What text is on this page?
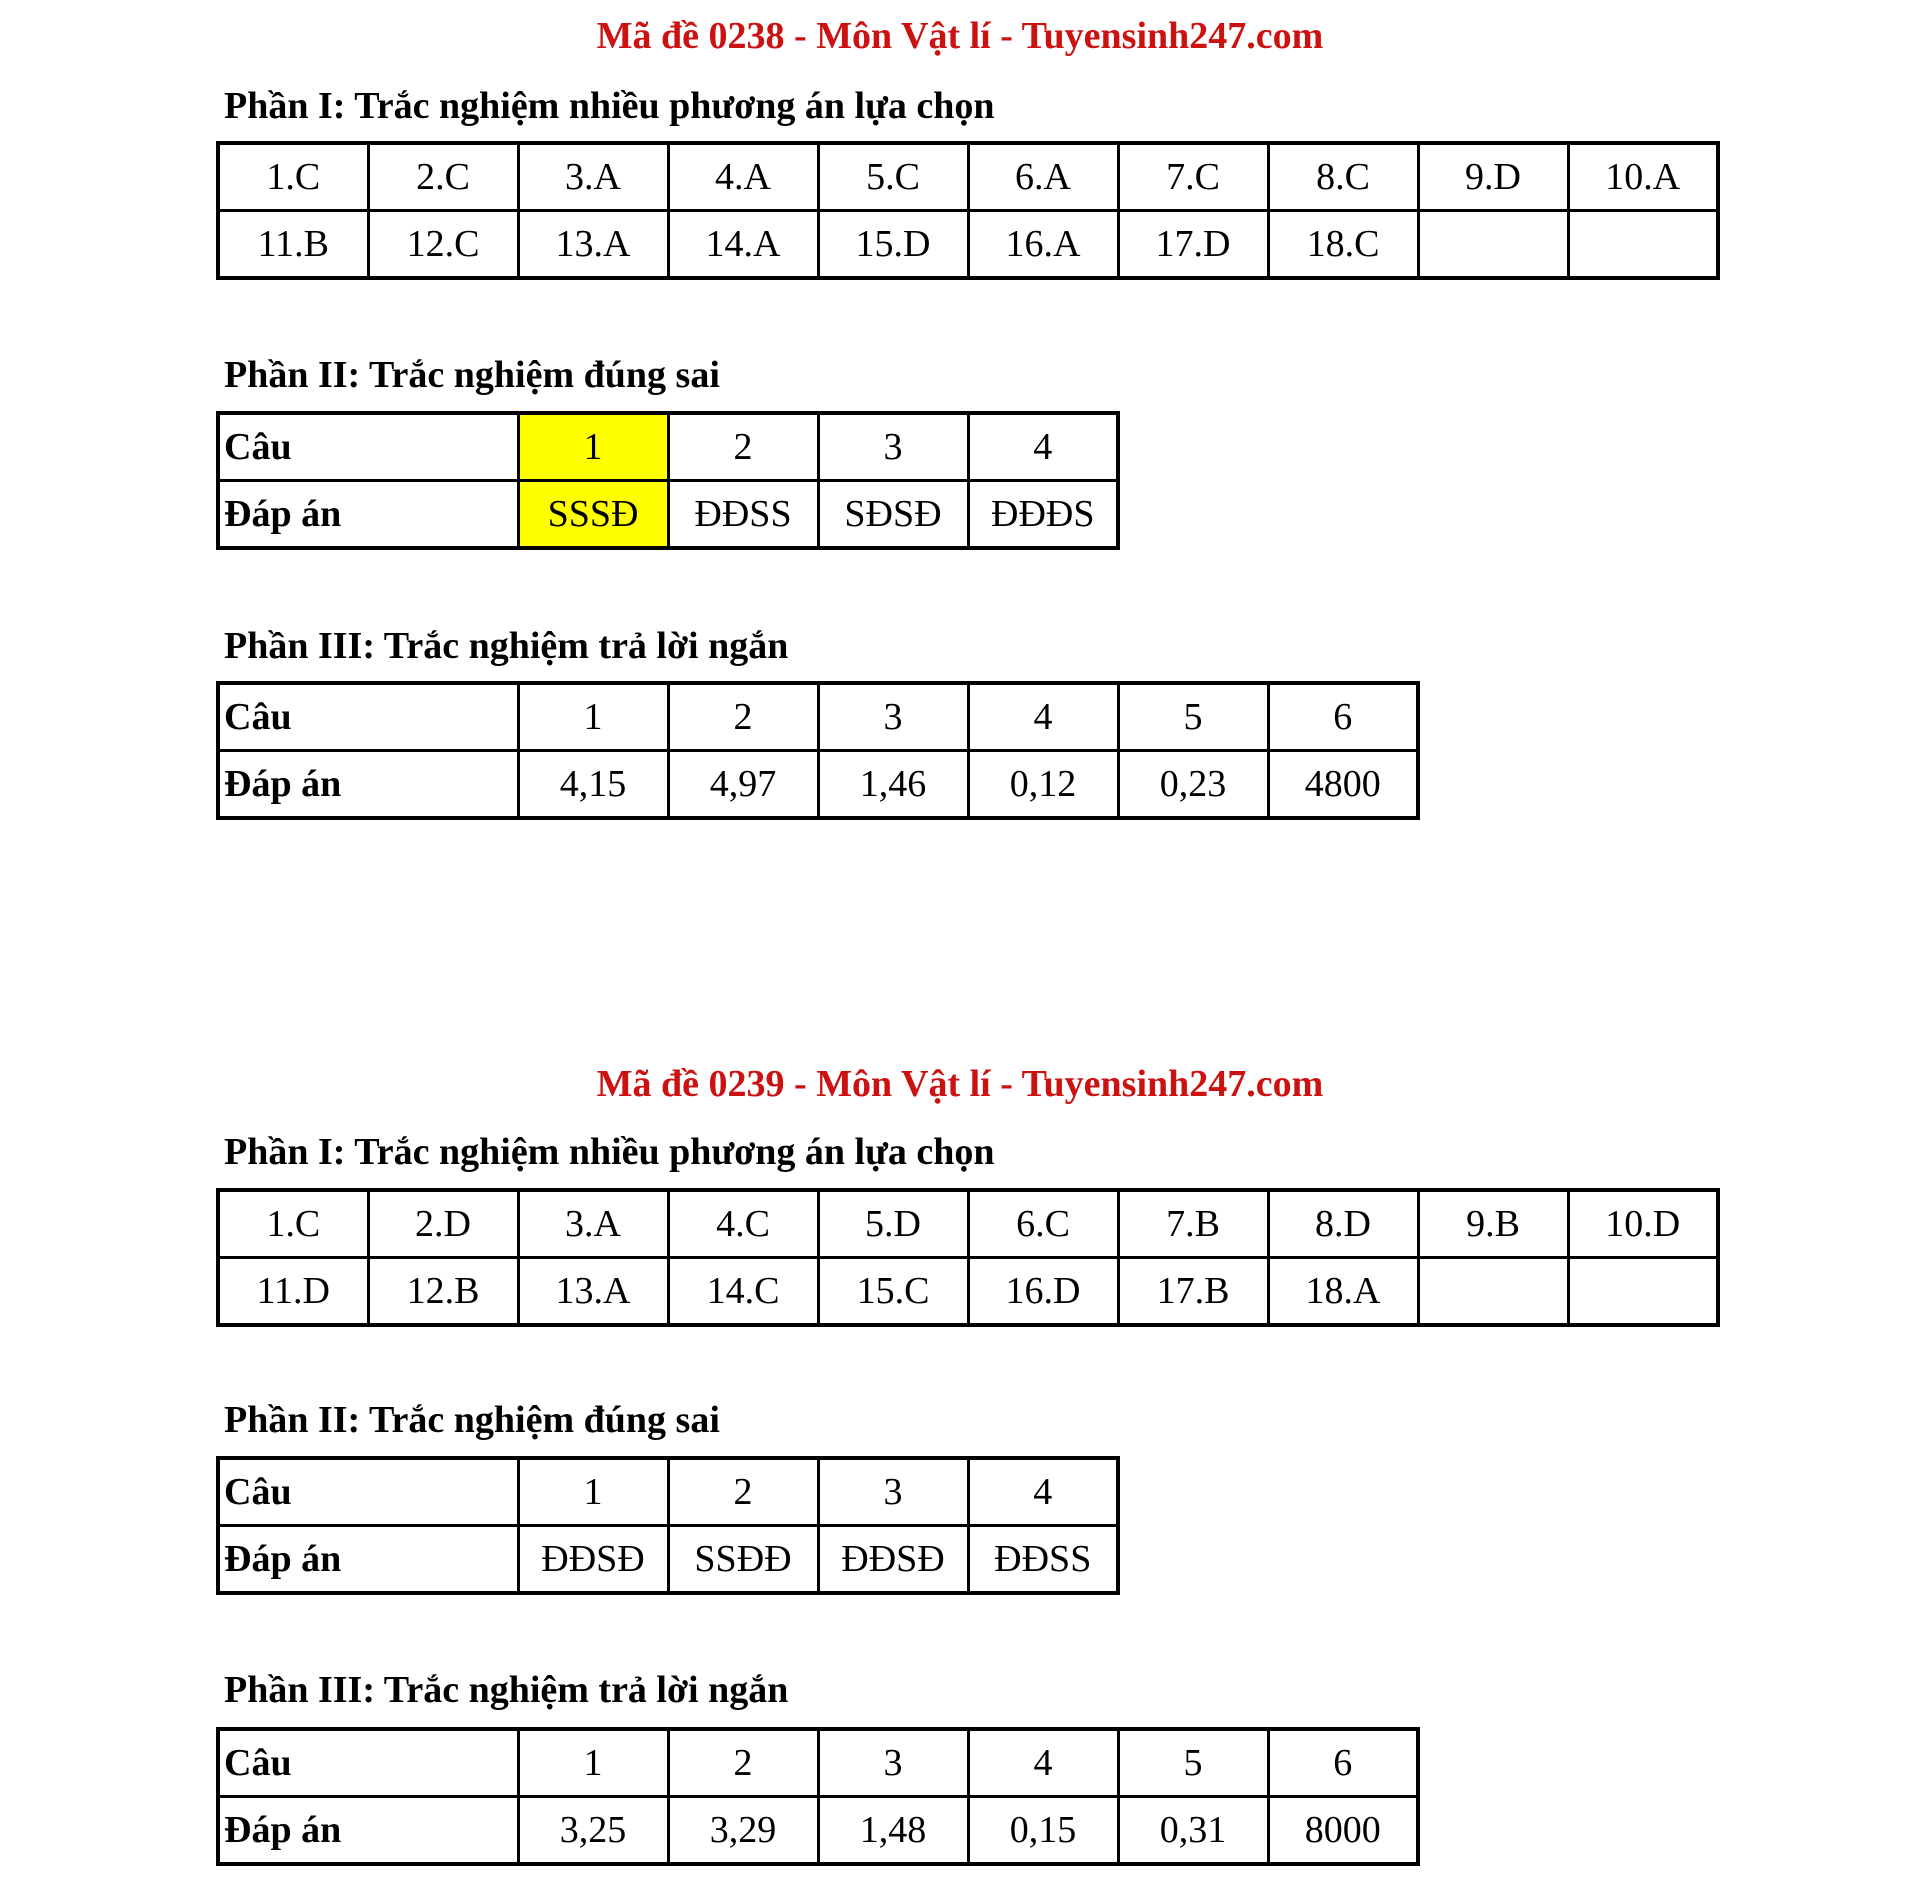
Mã đề 0238 - Môn Vật lí - Tuyensinh247.com
Phần I: Trắc nghiệm nhiều phương án lựa chọn
1.C	2.C	3.A	4.A	5.C	6.A	7.C	8.C	9.D	10.A
11.B	12.C	13.A	14.A	15.D	16.A	17.D	18.C		
Phần II: Trắc nghiệm đúng sai
Câu	1	2	3	4
Đáp án	SSSĐ	ĐĐSS	SĐSĐ	ĐĐĐS
Phần III: Trắc nghiệm trả lời ngắn
Câu	1	2	3	4	5	6
Đáp án	4,15	4,97	1,46	0,12	0,23	4800
Mã đề 0239 - Môn Vật lí - Tuyensinh247.com
Phần I: Trắc nghiệm nhiều phương án lựa chọn
1.C	2.D	3.A	4.C	5.D	6.C	7.B	8.D	9.B	10.D
11.D	12.B	13.A	14.C	15.C	16.D	17.B	18.A		
Phần II: Trắc nghiệm đúng sai
Câu	1	2	3	4
Đáp án	ĐĐSĐ	SSĐĐ	ĐĐSĐ	ĐĐSS
Phần III: Trắc nghiệm trả lời ngắn
Câu	1	2	3	4	5	6
Đáp án	3,25	3,29	1,48	0,15	0,31	8000
